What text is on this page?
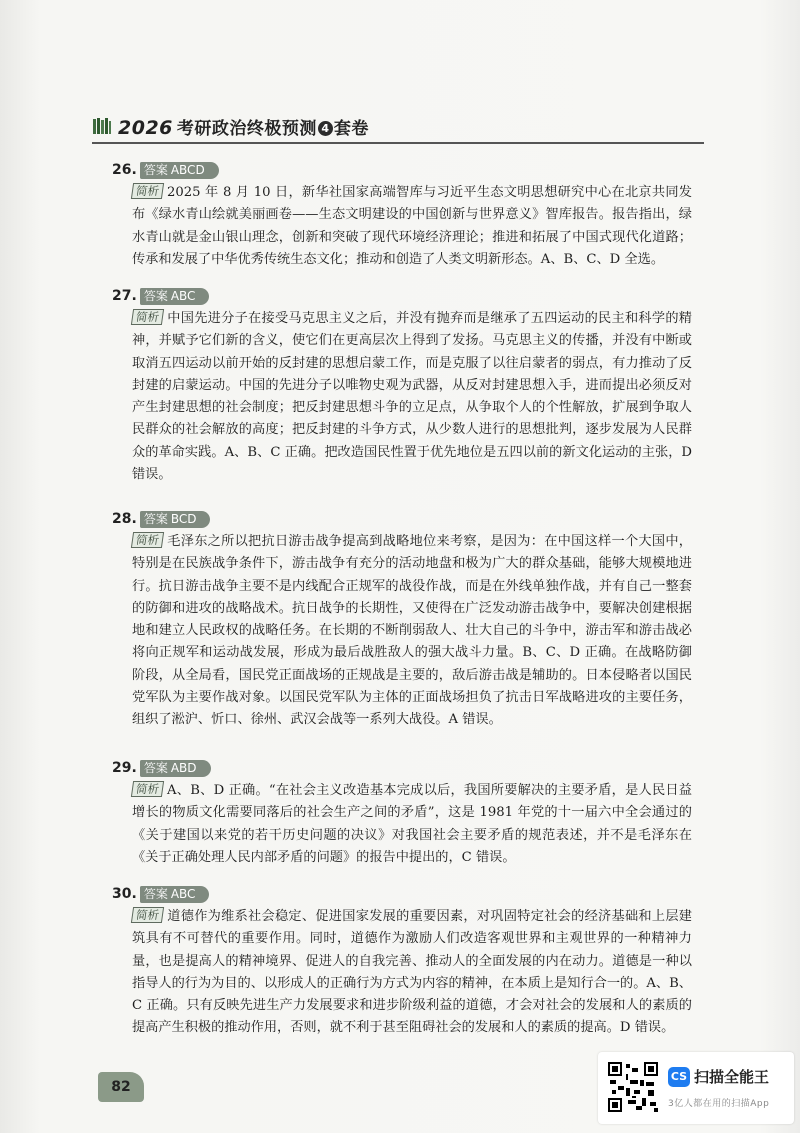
2026 考研政治终极预测 4 套卷
26. 答案 ABCD

简析 2025 年 8 月 10 日，新华社国家高端智库与习近平生态文明思想研究中心在北京共同发布《绿水青山绘就美丽画卷——生态文明建设的中国创新与世界意义》智库报告。报告指出，绿水青山就是金山银山理念，创新和突破了现代环境经济理论；推进和拓展了中国式现代化道路；传承和发展了中华优秀传统生态文化；推动和创造了人类文明新形态。A、B、C、D 全选。

27. 答案 ABC

简析 中国先进分子在接受马克思主义之后，并没有抛弃而是继承了五四运动的民主和科学的精神，并赋予它们新的含义，使它们在更高层次上得到了发扬。马克思主义的传播，并没有中断或取消五四运动以前开始的反封建的思想启蒙工作，而是克服了以往启蒙者的弱点，有力推动了反封建的启蒙运动。中国的先进分子以唯物史观为武器，从反对封建思想入手，进而提出必须反对产生封建思想的社会制度；把反封建思想斗争的立足点，从争取个人的个性解放，扩展到争取人民群众的社会解放的高度；把反封建的斗争方式，从少数人进行的思想批判，逐步发展为人民群众的革命实践。A、B、C 正确。把改造国民性置于优先地位是五四以前的新文化运动的主张，D 错误。

28. 答案 BCD

简析 毛泽东之所以把抗日游击战争提高到战略地位来考察，是因为：在中国这样一个大国中，特别是在民族战争条件下，游击战争有充分的活动地盘和极为广大的群众基础，能够大规模地进行。抗日游击战争主要不是内线配合正规军的战役作战，而是在外线单独作战，并有自己一整套的防御和进攻的战略战术。抗日战争的长期性，又使得在广泛发动游击战争中，要解决创建根据地和建立人民政权的战略任务。在长期的不断削弱敌人、壮大自己的斗争中，游击军和游击战必将向正规军和运动战发展，形成为最后战胜敌人的强大战斗力量。B、C、D 正确。在战略防御阶段，从全局看，国民党正面战场的正规战是主要的，敌后游击战是辅助的。日本侵略者以国民党军队为主要作战对象。以国民党军队为主体的正面战场担负了抗击日军战略进攻的主要任务，组织了淞沪、忻口、徐州、武汉会战等一系列大战役。A 错误。

29. 答案 ABD

简析 A、B、D 正确。“在社会主义改造基本完成以后，我国所要解决的主要矛盾，是人民日益增长的物质文化需要同落后的社会生产之间的矛盾”，这是 1981 年党的十一届六中全会通过的《关于建国以来党的若干历史问题的决议》对我国社会主要矛盾的规范表述，并不是毛泽东在《关于正确处理人民内部矛盾的问题》的报告中提出的，C 错误。

30. 答案 ABC

简析 道德作为维系社会稳定、促进国家发展的重要因素，对巩固特定社会的经济基础和上层建筑具有不可替代的重要作用。同时，道德作为激励人们改造客观世界和主观世界的一种精神力量，也是提高人的精神境界、促进人的自我完善、推动人的全面发展的内在动力。道德是一种以指导人的行为为目的、以形成人的正确行为方式为内容的精神，在本质上是知行合一的。A、B、C 正确。只有反映先进生产力发展要求和进步阶级利益的道德，才会对社会的发展和人的素质的提高产生积极的推动作用，否则，就不利于甚至阻碍社会的发展和人的素质的提高。D 错误。

82
CS 扫描全能王
3亿人都在用的扫描App
